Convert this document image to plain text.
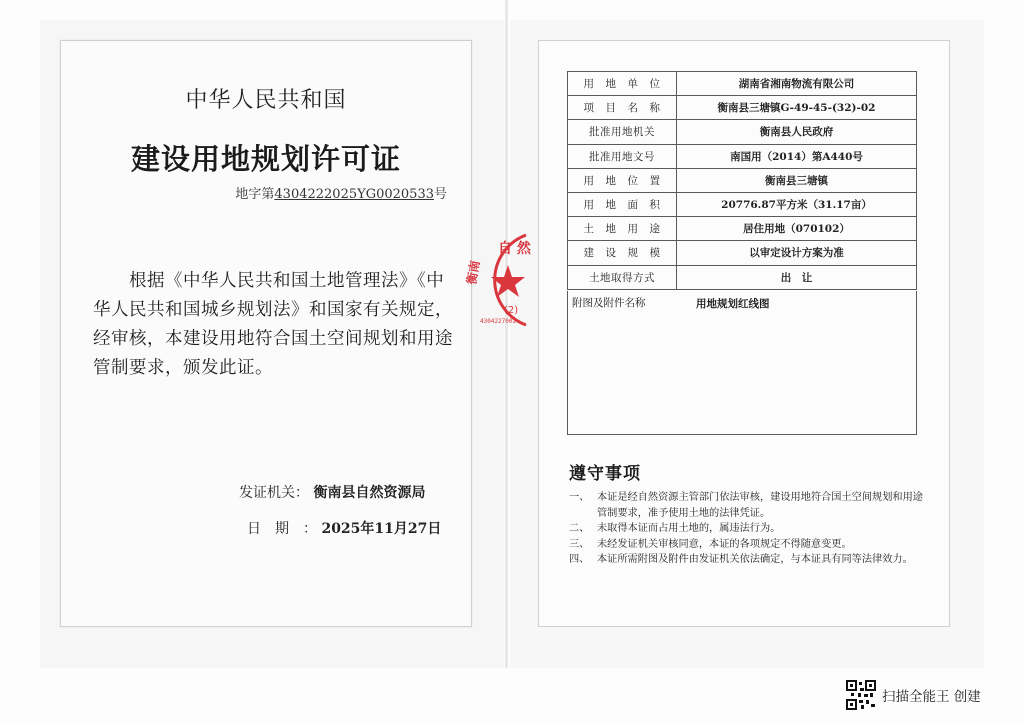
中华人民共和国
建设用地规划许可证
地字第4304222025YG0020533号
根据《中华人民共和国土地管理法》《中华人民共和国城乡规划法》和国家有关规定，经审核，本建设用地符合国土空间规划和用途管制要求，颁发此证。
发证机关： 衡南县自然资源局
日　期　： 2025年11月27日
用　地　单　位	湖南省湘南物流有限公司
项　目　名　称	衡南县三塘镇G-49-45-(32)-02
批准用地机关	衡南县人民政府
批准用地文号	南国用（2014）第A440号
用　地　位　置	衡南县三塘镇
用　地　面　积	20776.87平方米（31.17亩）
土　地　用　途	居住用地（070102）
建　设　规　模	以审定设计方案为准
土地取得方式	出　让
附图及附件名称	用地规划红线图
遵守事项
一、 本证是经自然资源主管部门依法审核，建设用地符合国土空间规划和用途管制要求，准予使用土地的法律凭证。
二、 未取得本证而占用土地的，属违法行为。
三、 未经发证机关审核同意，本证的各项规定不得随意变更。
四、 本证所需附图及附件由发证机关依法确定，与本证具有同等法律效力。
自 然
衡南
(2)
4304227002
扫描全能王 创建
